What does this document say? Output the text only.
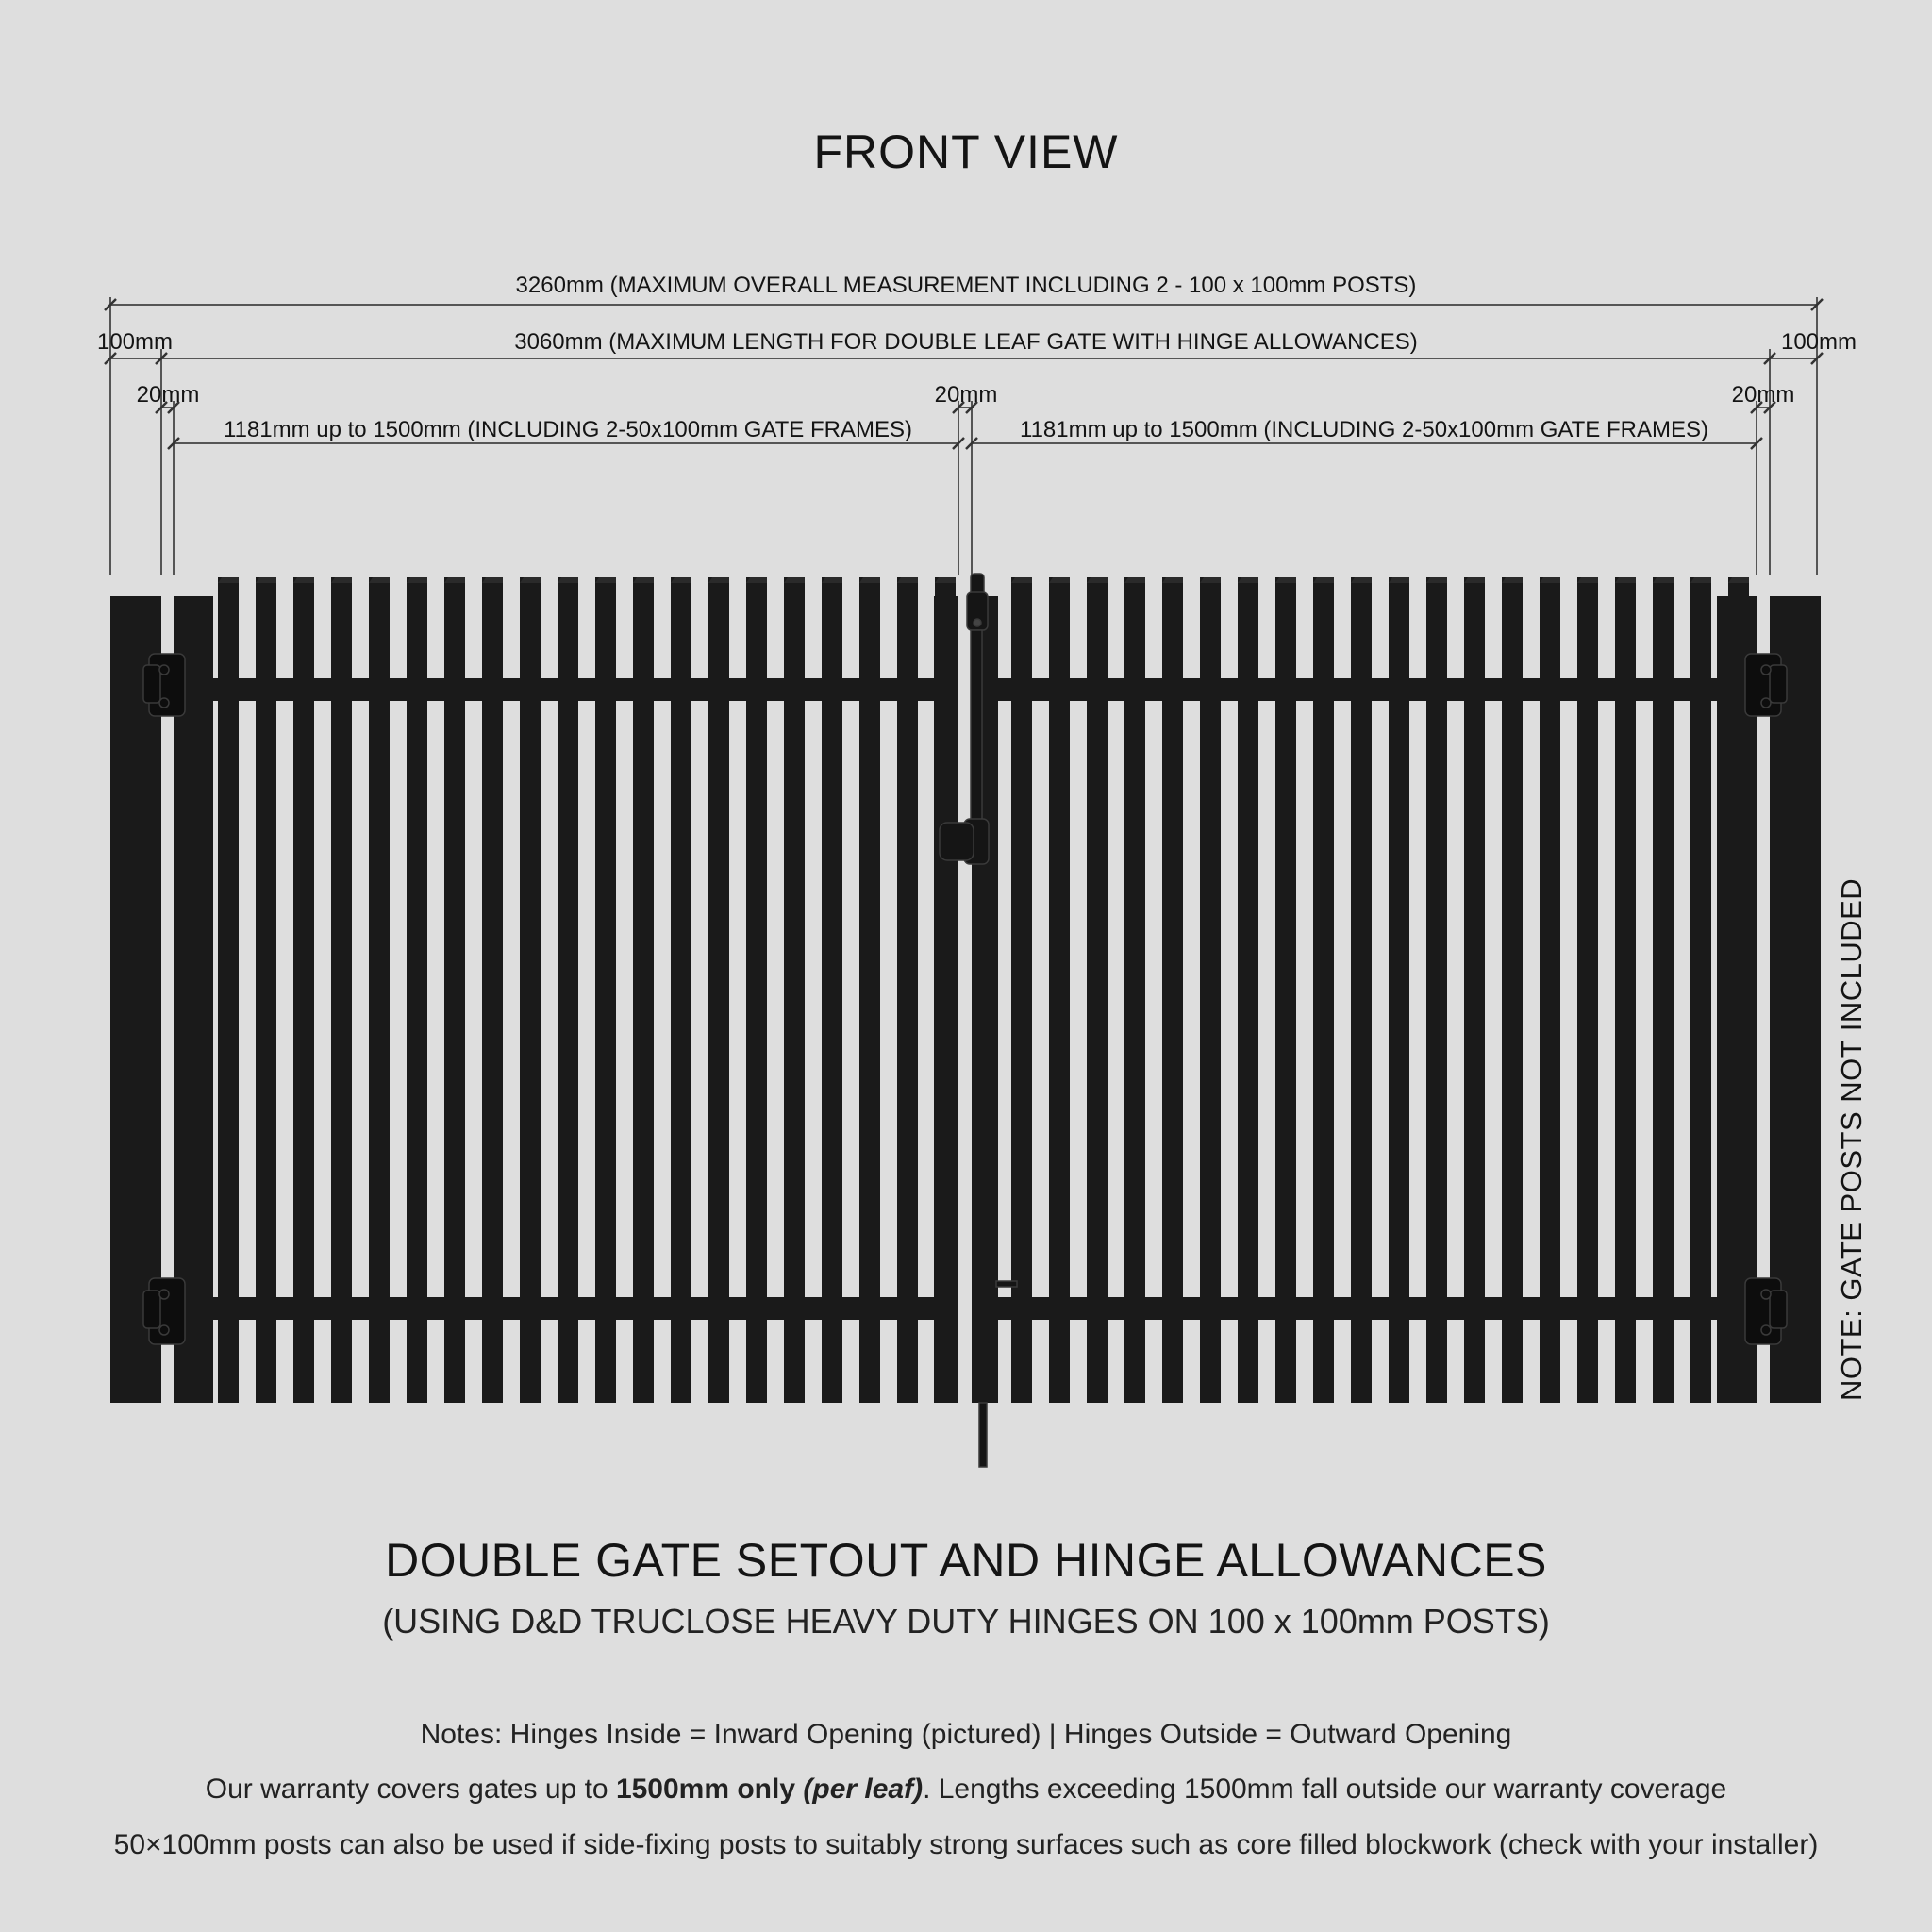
FRONT VIEW
3260mm (MAXIMUM OVERALL MEASUREMENT INCLUDING 2 - 100 x 100mm POSTS)
3060mm (MAXIMUM LENGTH FOR DOUBLE LEAF GATE WITH HINGE ALLOWANCES)
100mm	100mm
20mm	20mm	20mm
1181mm up to 1500mm (INCLUDING 2-50x100mm GATE FRAMES)	1181mm up to 1500mm (INCLUDING 2-50x100mm GATE FRAMES)
NOTE: GATE POSTS NOT INCLUDED
DOUBLE GATE SETOUT AND HINGE ALLOWANCES
(USING D&D TRUCLOSE HEAVY DUTY HINGES ON 100 x 100mm POSTS)
Notes: Hinges Inside = Inward Opening (pictured) | Hinges Outside = Outward Opening
Our warranty covers gates up to 1500mm only (per leaf). Lengths exceeding 1500mm fall outside our warranty coverage
50×100mm posts can also be used if side-fixing posts to suitably strong surfaces such as core filled blockwork (check with your installer)
